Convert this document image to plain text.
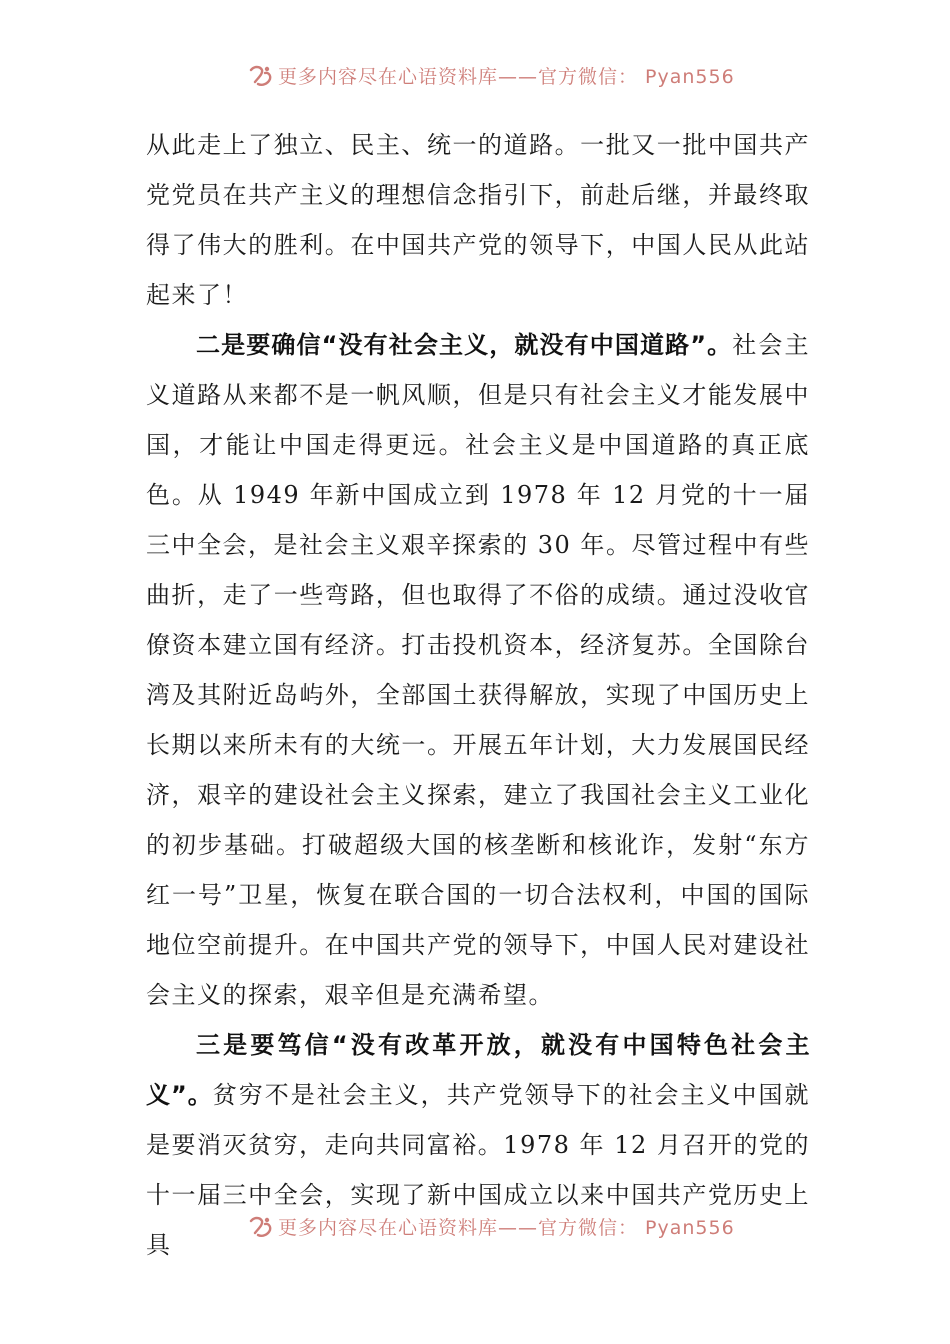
更多内容尽在心语资料库——官方微信： Pyan556

从此走上了独立、民主、统一的道路。一批又一批中国共产党党员在共产主义的理想信念指引下，前赴后继，并最终取得了伟大的胜利。在中国共产党的领导下，中国人民从此站起来了！

二是要确信“没有社会主义，就没有中国道路”。社会主义道路从来都不是一帆风顺，但是只有社会主义才能发展中国，才能让中国走得更远。社会主义是中国道路的真正底色。从 1949 年新中国成立到 1978 年 12 月党的十一届三中全会，是社会主义艰辛探索的 30 年。尽管过程中有些曲折，走了一些弯路，但也取得了不俗的成绩。通过没收官僚资本建立国有经济。打击投机资本，经济复苏。全国除台湾及其附近岛屿外，全部国土获得解放，实现了中国历史上长期以来所未有的大统一。开展五年计划，大力发展国民经济，艰辛的建设社会主义探索，建立了我国社会主义工业化的初步基础。打破超级大国的核垄断和核讹诈，发射“东方红一号”卫星，恢复在联合国的一切合法权利，中国的国际地位空前提升。在中国共产党的领导下，中国人民对建设社会主义的探索，艰辛但是充满希望。

三是要笃信“没有改革开放，就没有中国特色社会主义”。贫穷不是社会主义，共产党领导下的社会主义中国就是要消灭贫穷，走向共同富裕。1978 年 12 月召开的党的十一届三中全会，实现了新中国成立以来中国共产党历史上具

更多内容尽在心语资料库——官方微信： Pyan556
